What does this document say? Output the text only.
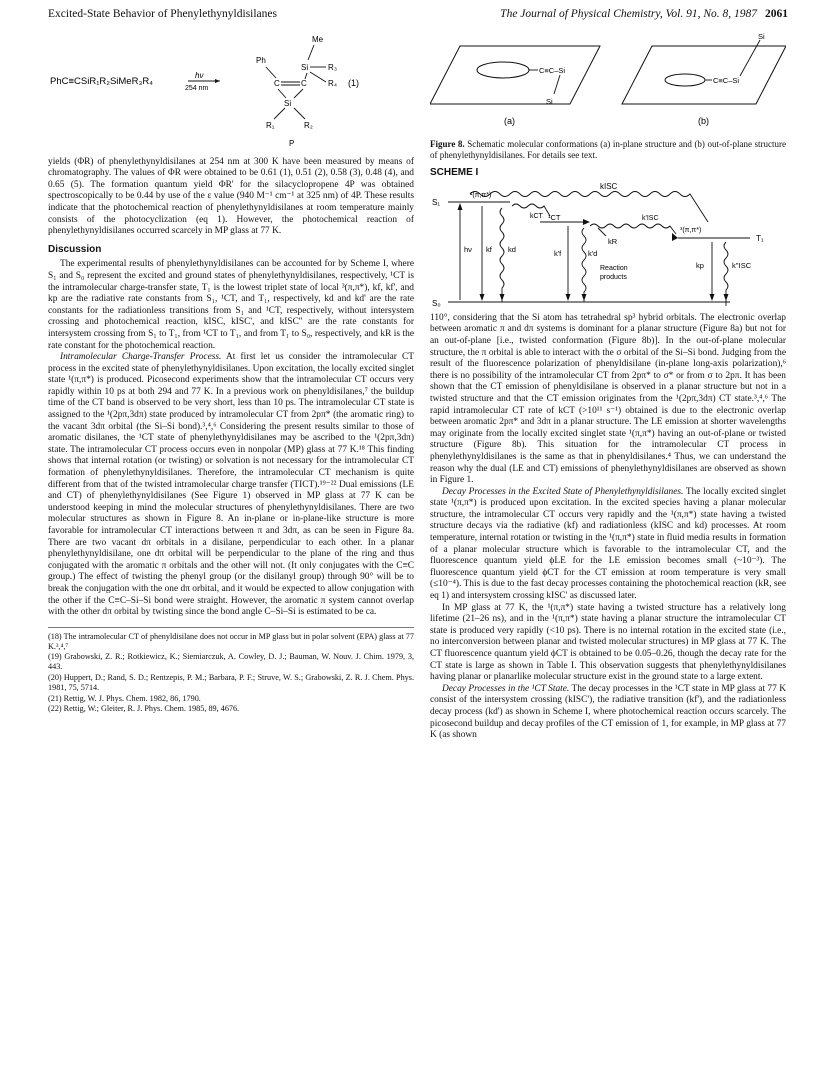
Excited-State Behavior of Phenylethynyldisilanes	The Journal of Physical Chemistry, Vol. 91, No. 8, 1987 2061
PhC≡CSiR₁R₂SiMeR₃R₄
hν
254 nm
Me
Ph
Si R₃
R₄
C	C
Si
R₁	R₂
(1)
P

yields (ΦR) of phenylethynyldisilanes at 254 nm at 300 K have been measured by means of chromatography. The values of ΦR were obtained to be 0.61 (1), 0.51 (2), 0.58 (3), 0.48 (4), and 0.65 (5). The formation quantum yield ΦR' for the silacyclopropene 4P was obtained spectroscopically to be 0.44 by use of the ε value (940 M⁻¹ cm⁻¹ at 325 nm) of 4P. These results indicate that the photochemical reaction of phenylethynyldisilanes at room temperature mainly consists of the photocyclization (eq 1). However, the photochemical reaction of phenylethynyldisilanes occurred scarcely in MP glass at 77 K.

Discussion

The experimental results of phenylethynyldisilanes can be accounted for by Scheme I, where S₁ and S₀ represent the excited and ground states of phenylethynyldisilanes, respectively, ¹CT is the intramolecular charge-transfer state, T₁ is the lowest triplet state of local ³(π,π*), kf, kf', and kp are the radiative rate constants from S₁, ¹CT, and T₁, respectively, kd and kd' are the rate constants for the radiationless transitions from S₁ and ¹CT, respectively, without intersystem crossing and photochemical reaction, kISC, kISC', and kISC'' are the rate constants for intersystem crossing from S₁ to T₁, from ¹CT to T₁, and from T₁ to S₀, respectively, and kR is the rate constant for the photochemical reaction.

Intramolecular Charge-Transfer Process. At first let us consider the intramolecular CT process in the excited state of phenylethynyldisilanes. Upon excitation, the locally excited singlet state ¹(π,π*) is produced. Picosecond experiments show that the intramolecular CT occurs very rapidly within 10 ps at both 294 and 77 K. In a previous work on phenyldisilanes,⁷ the buildup time of the CT band is observed to be very short, less than 10 ps. The intramolecular CT state is assigned to the ¹(2pπ,3dπ) state produced by intramolecular CT from 2pπ* (the aromatic ring) to the vacant 3dπ orbital (the Si–Si bond).³,⁴,⁶ Considering the present results similar to those of aromatic disilanes, the ¹CT state of phenylethynyldisilanes may be ascribed to the ¹(2pπ,3dπ) state. The intramolecular CT process occurs even in nonpolar (MP) glass at 77 K.¹⁸ This finding shows that internal rotation (or twisting) or solvation is not necessary for the intramolecular CT formation of phenylethynyldisilanes. Therefore, the intramolecular CT mechanism is quite different from that of the twisted intramolecular charge transfer (TICT).¹⁹⁻²² Dual emissions (LE and CT) of phenylethynyldisilanes (See Figure 1) observed in MP glass at 77 K can be understood keeping in mind the molecular structures of phenylethynyldisilanes. There are two molecular structures as shown in Figure 8. An in-plane or in-plane-like structure is more favorable for intramolecular CT interactions between π and 3dπ, as can be seen in Figure 8a. There are two vacant dπ orbitals in a disilane, perpendicular to each other. In a planar phenylethynyldisilane, one dπ orbital will be perpendicular to the plane of the ring and thus conjugated with the aromatic π orbitals and the other will not. (It only conjugates with the C≡C group.) The effect of twisting the phenyl group (or the disilanyl group) through 90° will be to break the conjugation with the one dπ orbital, and it would be expected to allow conjugation with the other if the C≡C–Si–Si bond were straight. However, the aromatic π system cannot overlap with the other dπ orbital by twisting since the bond angle C–Si–Si is estimated to be ca.

(18) The intramolecular CT of phenyldisilane does not occur in MP glass but in polar solvent (EPA) glass at 77 K.³,⁴,⁷
(19) Grabowski, Z. R.; Rotkiewicz, K.; Siemiarczuk, A. Cowley, D. J.; Bauman, W. Nouv. J. Chim. 1979, 3, 443.
(20) Huppert, D.; Rand, S. D.; Rentzepis, P. M.; Barbara, P. F.; Struve, W. S.; Grabowski, Z. R. J. Chem. Phys. 1981, 75, 5714.
(21) Rettig, W. J. Phys. Chem. 1982, 86, 1790.
(22) Rettig, W.; Gleiter, R. J. Phys. Chem. 1985, 89, 4676.
C≡C–Si
Si
C≡C–Si
Si
(a)	(b)
Figure 8. Schematic molecular conformations (a) in-plane structure and (b) out-of-plane structure of phenylethynyldisilanes. For details see text.
SCHEME I
kISC
S₁
S₀
T₁
¹(π,π*)
kCT ¹CT	k'ISC
³(π,π*)
hν kf kd	k'f	k'd
kR
Reaction
products
kp	k''ISC

110°, considering that the Si atom has tetrahedral sp³ hybrid orbitals. The electronic overlap between aromatic π and dπ systems is dominant for a planar structure (Figure 8a) but not for an out-of-plane [i.e., twisted conformation (Figure 8b)]. In the out-of-plane molecular structure, the π orbital is able to interact with the σ orbital of the Si–Si bond. Judging from the result of the fluorescence polarization of phenyldisilane (in-plane long-axis polarization),⁶ there is no possibility of the intramolecular CT from 2pπ* to σ* or from σ to 2pπ. It has been shown that the CT emission of phenyldisilane is observed in a planar structure but not in a twisted structure and that the CT emission originates from the ¹(2pπ,3dπ) CT state.³,⁴,⁶ The rapid intramolecular CT rate of kCT (>10¹¹ s⁻¹) obtained is due to the electronic overlap between aromatic 2pπ* and 3dπ in a planar structure. The LE emission at shorter wavelengths may originate from the locally excited singlet state ¹(π,π*) having an out-of-plane or twisted structure (Figure 8b). This situation for the intramolecular CT process in phenylethynyldisilanes is the same as that in phenyldisilanes.⁴ Thus, we can understand the reason why the dual (LE and CT) emissions of phenylethynyldisilanes are observed as shown in Figure 1.

Decay Processes in the Excited State of Phenylethynyldisilanes. The locally excited singlet state ¹(π,π*) is produced upon excitation. In the excited species having a planar molecular structure, the intramolecular CT occurs very rapidly and the ¹(π,π*) state having a twisted structure decays via the radiative (kf) and radiationless (kISC and kd) processes. At room temperature, internal rotation or twisting in the ¹(π,π*) state in fluid media results in formation of a planar molecular structure which is favorable to the intramolecular CT, and the fluorescence quantum yield ϕLE for the LE emission becomes small (~10⁻³). The fluorescence quantum yield ϕCT for the CT emission at room temperature is very small (≤10⁻⁴). This is due to the fast decay processes containing the photochemical reaction (kR, see eq 1) and intersystem crossing kISC' as discussed later.

In MP glass at 77 K, the ¹(π,π*) state having a twisted structure has a relatively long lifetime (21–26 ns), and in the ¹(π,π*) state having a planar structure the intramolecular CT state is produced very rapidly (<10 ps). There is no internal rotation in the excited state (i.e., no interconversion between planar and twisted molecular structures) in MP glass at 77 K. The CT fluorescence quantum yield ϕCT is obtained to be 0.05–0.26, though the decay rate for the CT state is large as shown in Table I. This observation suggests that phenylethynyldisilanes having planar or planarlike molecular structure exist in the ground state to a large extent.

Decay Processes in the ¹CT State. The decay processes in the ¹CT state in MP glass at 77 K consist of the intersystem crossing (kISC'), the radiative transition (kf'), and the radiationless decay process (kd') as shown in Scheme I, where photochemical reaction occurs scarcely. The picosecond buildup and decay profiles of the CT emission of 1, for example, in MP glass at 77 K (as shown
